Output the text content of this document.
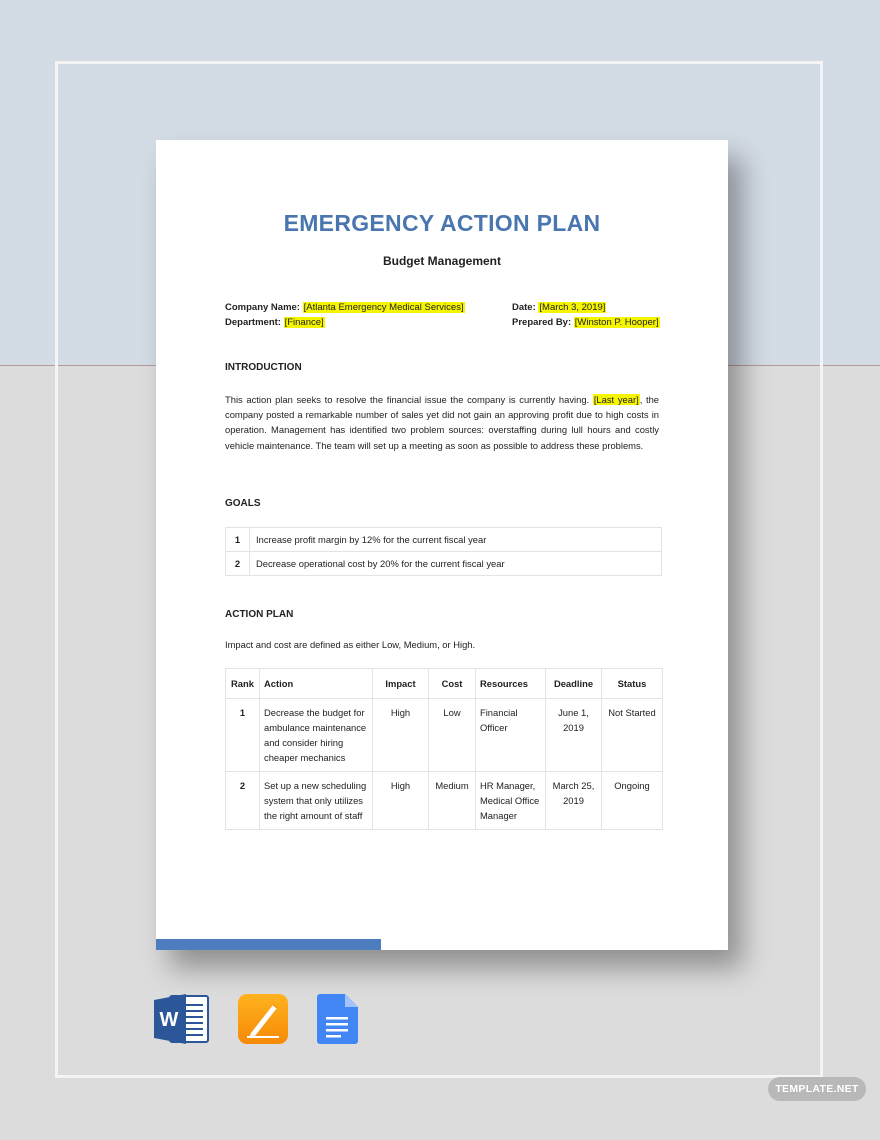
EMERGENCY ACTION PLAN
Budget Management
Company Name: [Atlanta Emergency Medical Services]
Department: [Finance]
Date: [March 3, 2019]
Prepared By: [Winston P. Hooper]
INTRODUCTION
This action plan seeks to resolve the financial issue the company is currently having. [Last year], the company posted a remarkable number of sales yet did not gain an approving profit due to high costs in operation. Management has identified two problem sources: overstaffing during lull hours and costly vehicle maintenance. The team will set up a meeting as soon as possible to address these problems.
GOALS
1	Increase profit margin by 12% for the current fiscal year
2	Decrease operational cost by 20% for the current fiscal year
ACTION PLAN
Impact and cost are defined as either Low, Medium, or High.
Rank	Action	Impact	Cost	Resources	Deadline	Status
1	Decrease the budget for ambulance maintenance and consider hiring cheaper mechanics	High	Low	Financial Officer	June 1, 2019	Not Started
2	Set up a new scheduling system that only utilizes the right amount of staff	High	Medium	HR Manager, Medical Office Manager	March 25, 2019	Ongoing
W
TEMPLATE.NET
